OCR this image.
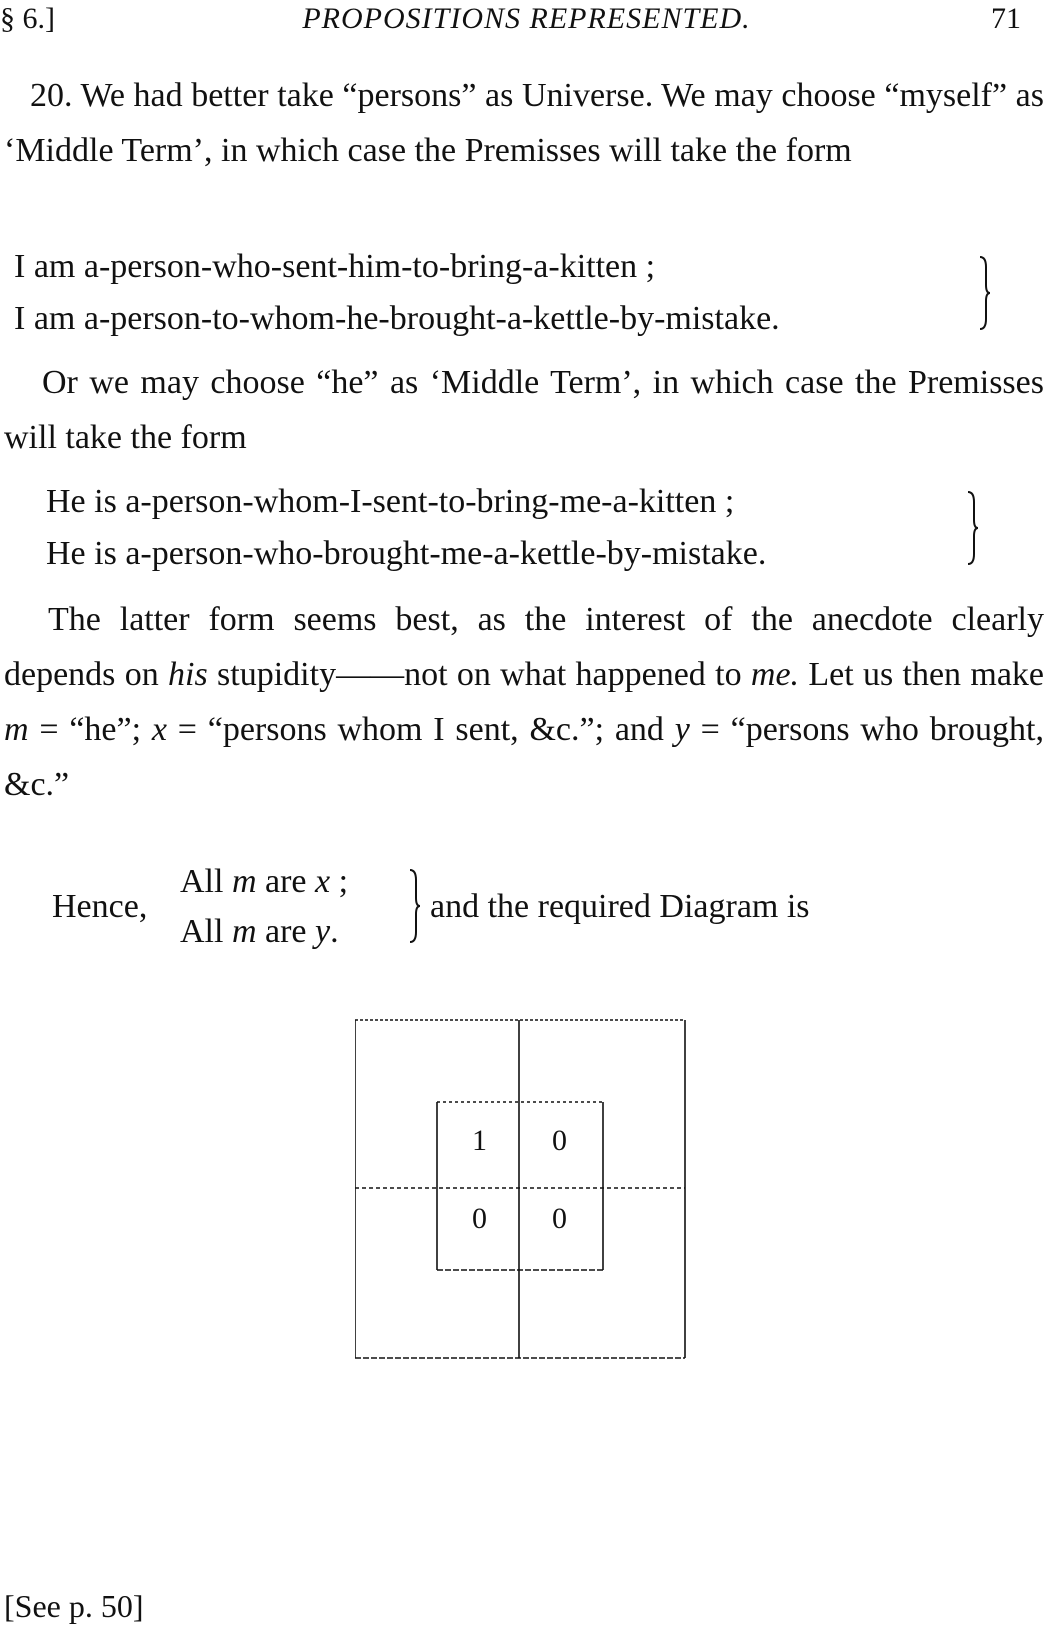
§ 6.]	PROPOSITIONS REPRESENTED.	71
20. We had better take “persons” as Universe. We may choose “myself” as ‘Middle Term’, in which case the Premisses will take the form
I am a-person-who-sent-him-to-bring-a-kitten ;
I am a-person-to-whom-he-brought-a-kettle-by-mistake.
Or we may choose “he” as ‘Middle Term’, in which case the Premisses will take the form
He is a-person-whom-I-sent-to-bring-me-a-kitten ;
He is a-person-who-brought-me-a-kettle-by-mistake.
The latter form seems best, as the interest of the anecdote clearly depends on his stupidity——not on what happened to me. Let us then make m = “he”; x = “persons whom I sent, &c.”; and y = “persons who brought, &c.”
Hence,
All m are x ;
All m are y.
and the required Diagram is
1 0
0 0
[See p. 50]
